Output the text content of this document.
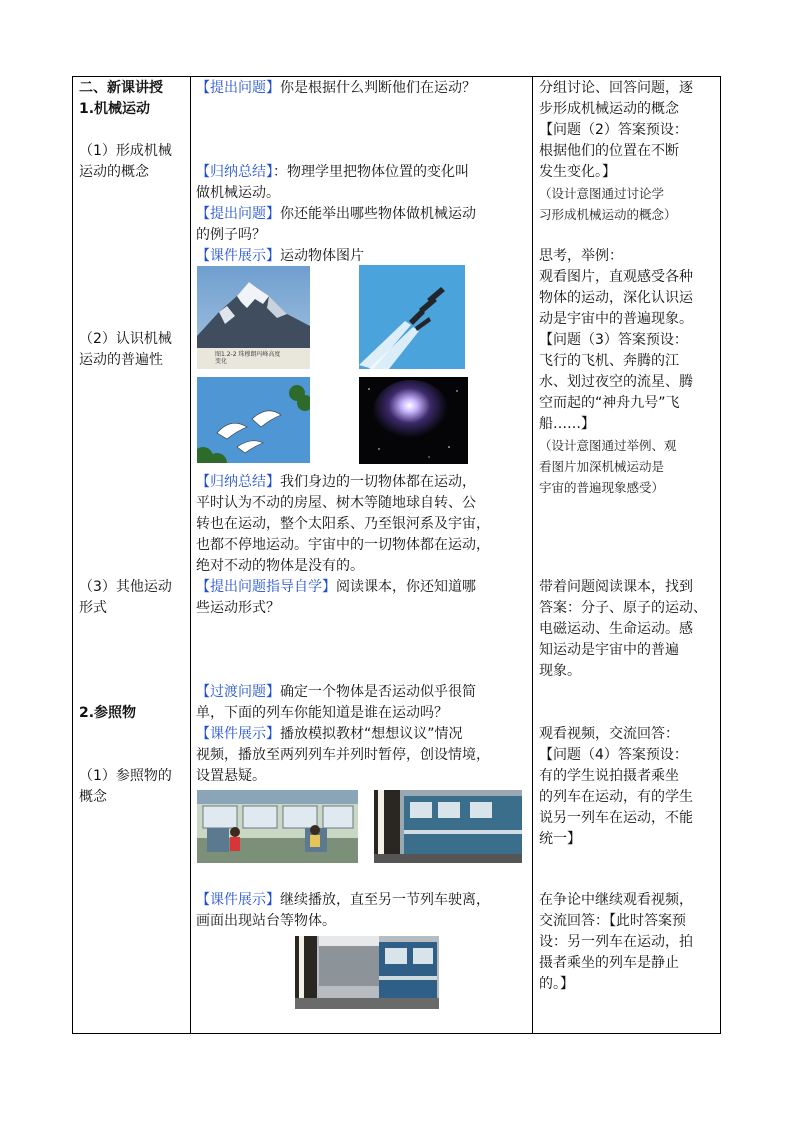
二、新课讲授
1.机械运动
（1）形成机械
运动的概念
（2）认识机械
运动的普遍性
（3）其他运动
形式
2.参照物
（1）参照物的
概念
【提出问题】你是根据什么判断他们在运动？
【归纳总结】：物理学里把物体位置的变化叫
做机械运动。
【提出问题】你还能举出哪些物体做机械运动
的例子吗？
【课件展示】运动物体图片
图1.2-2 珠穆朗玛峰高度
变化
【归纳总结】我们身边的一切物体都在运动，
平时认为不动的房屋、树木等随地球自转、公
转也在运动，整个太阳系、乃至银河系及宇宙，
也都不停地运动。宇宙中的一切物体都在运动，
绝对不动的物体是没有的。
【提出问题指导自学】阅读课本，你还知道哪
些运动形式？
【过渡问题】确定一个物体是否运动似乎很简
单，下面的列车你能知道是谁在运动吗？
【课件展示】播放模拟教材“想想议议”情况
视频，播放至两列列车并列时暂停，创设情境，
设置悬疑。
【课件展示】继续播放，直至另一节列车驶离，
画面出现站台等物体。
分组讨论、回答问题，逐
步形成机械运动的概念
【问题（2）答案预设：
根据他们的位置在不断
发生变化。】
（设计意图通过讨论学
习形成机械运动的概念）
思考，举例：
观看图片，直观感受各种
物体的运动，深化认识运
动是宇宙中的普遍现象。
【问题（3）答案预设：
飞行的飞机、奔腾的江
水、划过夜空的流星、腾
空而起的“神舟九号”飞
船……】
（设计意图通过举例、观
看图片加深机械运动是
宇宙的普遍现象感受）
带着问题阅读课本，找到
答案：分子、原子的运动、
电磁运动、生命运动。感
知运动是宇宙中的普遍
现象。
观看视频，交流回答：
【问题（4）答案预设：
有的学生说拍摄者乘坐
的列车在运动，有的学生
说另一列车在运动，不能
统一】
在争论中继续观看视频，
交流回答：【此时答案预
设：另一列车在运动，拍
摄者乘坐的列车是静止
的。】
